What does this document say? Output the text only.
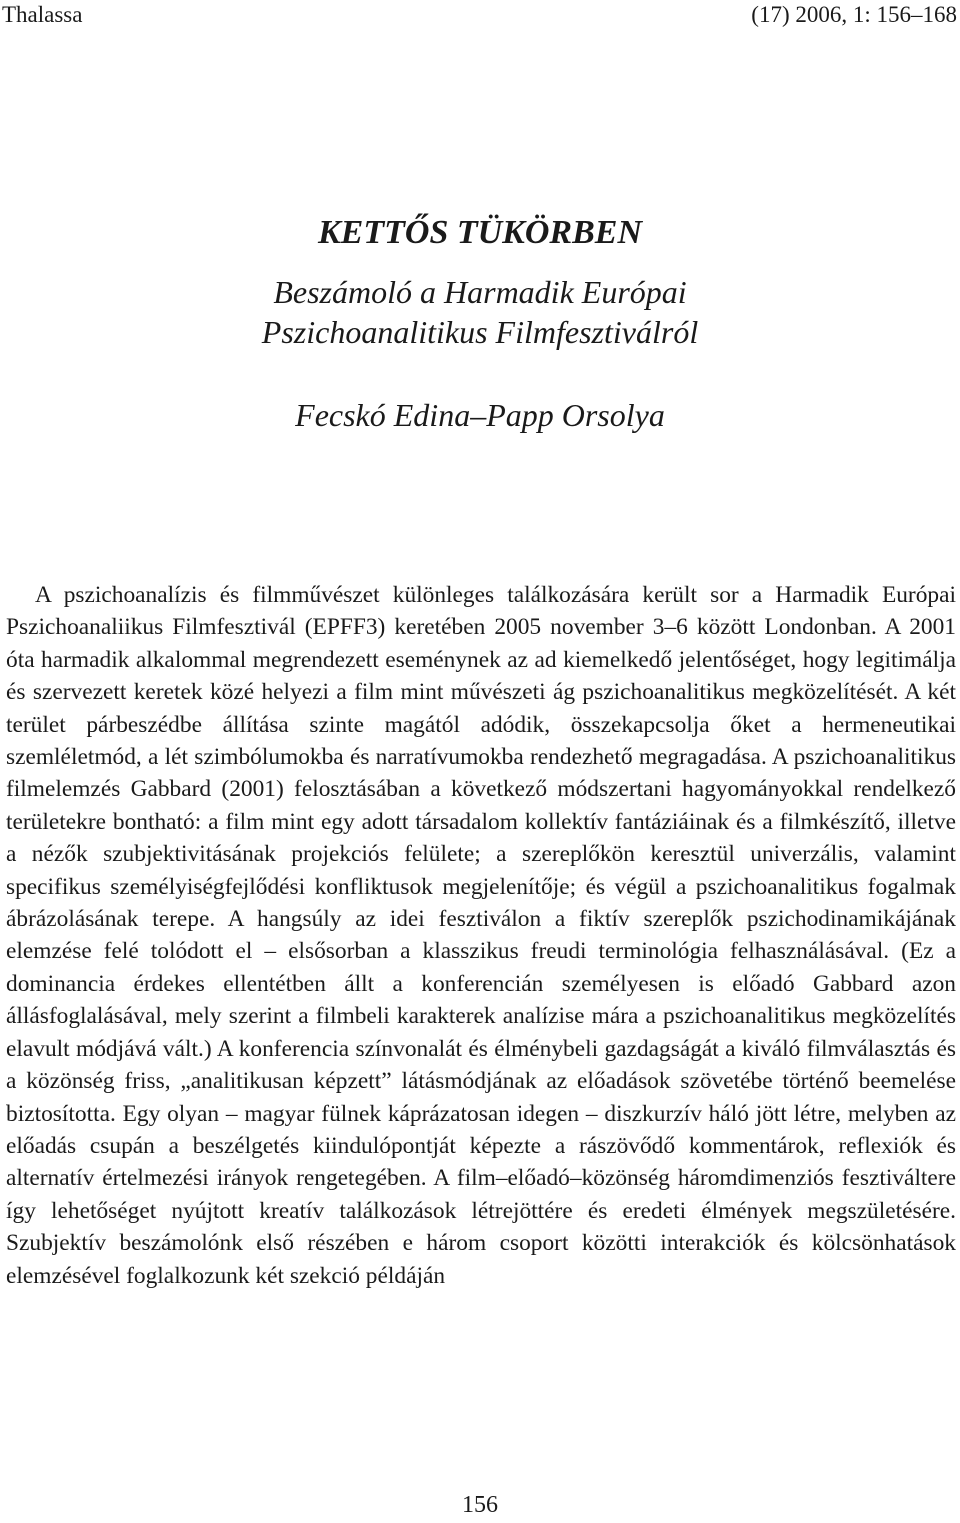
Thalassa	(17) 2006, 1: 156–168
KETTŐS TÜKÖRBEN
Beszámoló a Harmadik Európai
Pszichoanalitikus Filmfesztiválról
Fecskó Edina–Papp Orsolya

A pszichoanalízis és filmművészet különleges találkozására került sor a Harmadik Európai Pszichoanaliikus Filmfesztivál (EPFF3) keretében 2005 november 3–6 között Londonban. A 2001 óta harmadik alkalommal megrendezett eseménynek az ad kiemelkedő jelentőséget, hogy legitimálja és szervezett keretek közé helyezi a film mint művészeti ág pszichoanalitikus megközelítését. A két terület párbeszédbe állítása szinte magától adódik, összekapcsolja őket a hermeneutikai szemléletmód, a lét szimbólumokba és narratívumokba rendezhető megragadása. A pszichoanalitikus filmelemzés Gabbard (2001) felosztásában a következő módszertani hagyományokkal rendelkező területekre bontható: a film mint egy adott társadalom kollektív fantáziáinak és a filmkészítő, illetve a nézők szubjektivitásának projekciós felülete; a szereplőkön keresztül univerzális, valamint specifikus személyiségfejlődési konfliktusok megjelenítője; és végül a pszichoanalitikus fogalmak ábrázolásának terepe. A hangsúly az idei fesztiválon a fiktív szereplők pszichodinamikájának elemzése felé tolódott el – elsősorban a klasszikus freudi terminológia felhasználásával. (Ez a dominancia érdekes ellentétben állt a konferencián személyesen is előadó Gabbard azon állásfoglalásával, mely szerint a filmbeli karakterek analízise mára a pszichoanalitikus megközelítés elavult módjává vált.) A konferencia színvonalát és élménybeli gazdagságát a kiváló filmválasztás és a közönség friss, „analitikusan képzett” látásmódjának az előadások szövetébe történő beemelése biztosította. Egy olyan – magyar fülnek káprázatosan idegen – diszkurzív háló jött létre, melyben az előadás csupán a beszélgetés kiindulópontját képezte a rászövődő kommentárok, reflexiók és alternatív értelmezési irányok rengetegében. A film–előadó–közönség háromdimenziós fesztiváltere így lehetőséget nyújtott kreatív találkozások létrejöttére és eredeti élmények megszületésére. Szubjektív beszámolónk első részében e három csoport közötti interakciók és kölcsönhatások elemzésével foglalkozunk két szekció példáján

156
